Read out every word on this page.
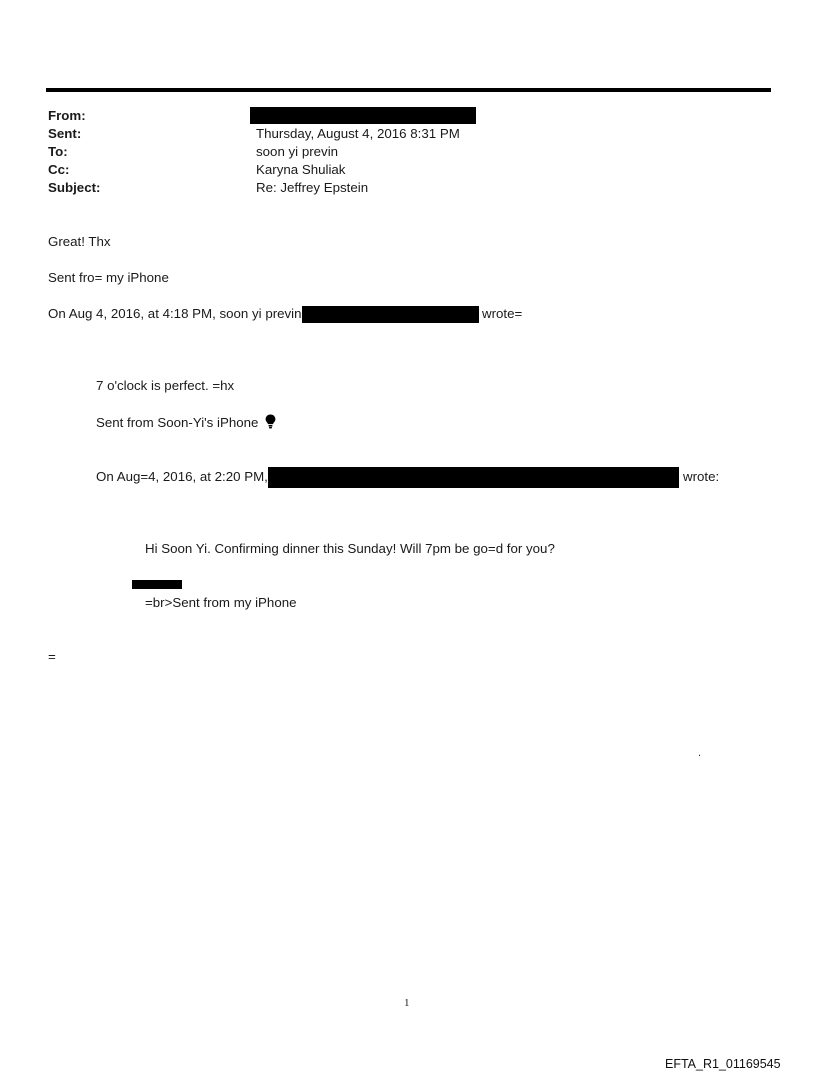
From:
Sent:	Thursday, August 4, 2016 8:31 PM
To:	soon yi previn
Cc:	Karyna Shuliak
Subject:	Re: Jeffrey Epstein
Great! Thx
Sent fro= my iPhone
On Aug 4, 2016, at 4:18 PM, soon yi previn	wrote=
7 o'clock is perfect. =hx
Sent from Soon-Yi's iPhone
On Aug=4, 2016, at 2:20 PM,	wrote:
Hi Soon Yi. Confirming dinner this Sunday! Will 7pm be go=d for you?
=br>Sent from my iPhone
=
.
1
EFTA_R1_01169545
